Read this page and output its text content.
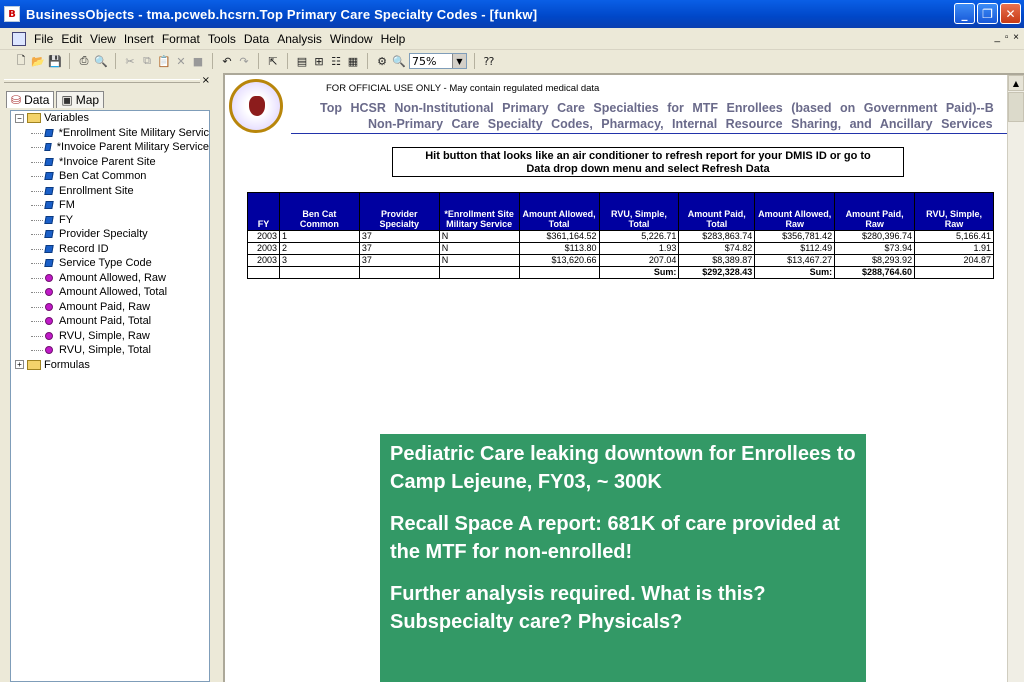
B BusinessObjects - tma.pcweb.hcsrn.Top Primary Care Specialty Codes - [funkw]	_	❐	✕
File Edit View Insert Format Tools Data Analysis Window Help	_ ▫ ×
🗋 📂 💾 ⎙ 🔍 ✂ ⧉ 📋 ✕ ■ ↶ ↷ ⇱ ▤ ⊞ ☷ ▦ ⚙ 🔍 75%	▼	⁇
×
⛁ Data ▣ Map
− Variables
*Enrollment Site Military Servic
*Invoice Parent Military Service
*Invoice Parent Site
Ben Cat Common
Enrollment Site
FM
FY
Provider Specialty
Record ID
Service Type Code
Amount Allowed, Raw
Amount Allowed, Total
Amount Paid, Raw
Amount Paid, Total
RVU, Simple, Raw
RVU, Simple, Total
+ Formulas
FOR OFFICIAL USE ONLY - May contain regulated medical data
Top HCSR Non-Institutional Primary Care Specialties for MTF Enrollees (based on Government Paid)--B
Non-Primary Care Specialty Codes, Pharmacy, Internal Resource Sharing, and Ancillary Services
Hit button that looks like an air conditioner to refresh report for your DMIS ID or go to
Data drop down menu and select Refresh Data
FY	Ben Cat Common	Provider Specialty	*Enrollment Site Military Service	Amount Allowed, Total	RVU, Simple, Total	Amount Paid, Total	Amount Allowed, Raw	Amount Paid, Raw	RVU, Simple, Raw
2003	1	37	N	$361,164.52	5,226.71	$283,863.74	$356,781.42	$280,396.74	5,166.41
2003	2	37	N	$113.80	1.93	$74.82	$112.49	$73.94	1.91
2003	3	37	N	$13,620.66	207.04	$8,389.87	$13,467.27	$8,293.92	204.87
					Sum:	$292,328.43	Sum:	$288,764.60	
▲

Pediatric Care leaking downtown for Enrollees to Camp Lejeune, FY03, ~ 300K

Recall Space A report: 681K of care provided at the MTF for non-enrolled!

Further analysis required. What is this? Subspecialty care? Physicals?
